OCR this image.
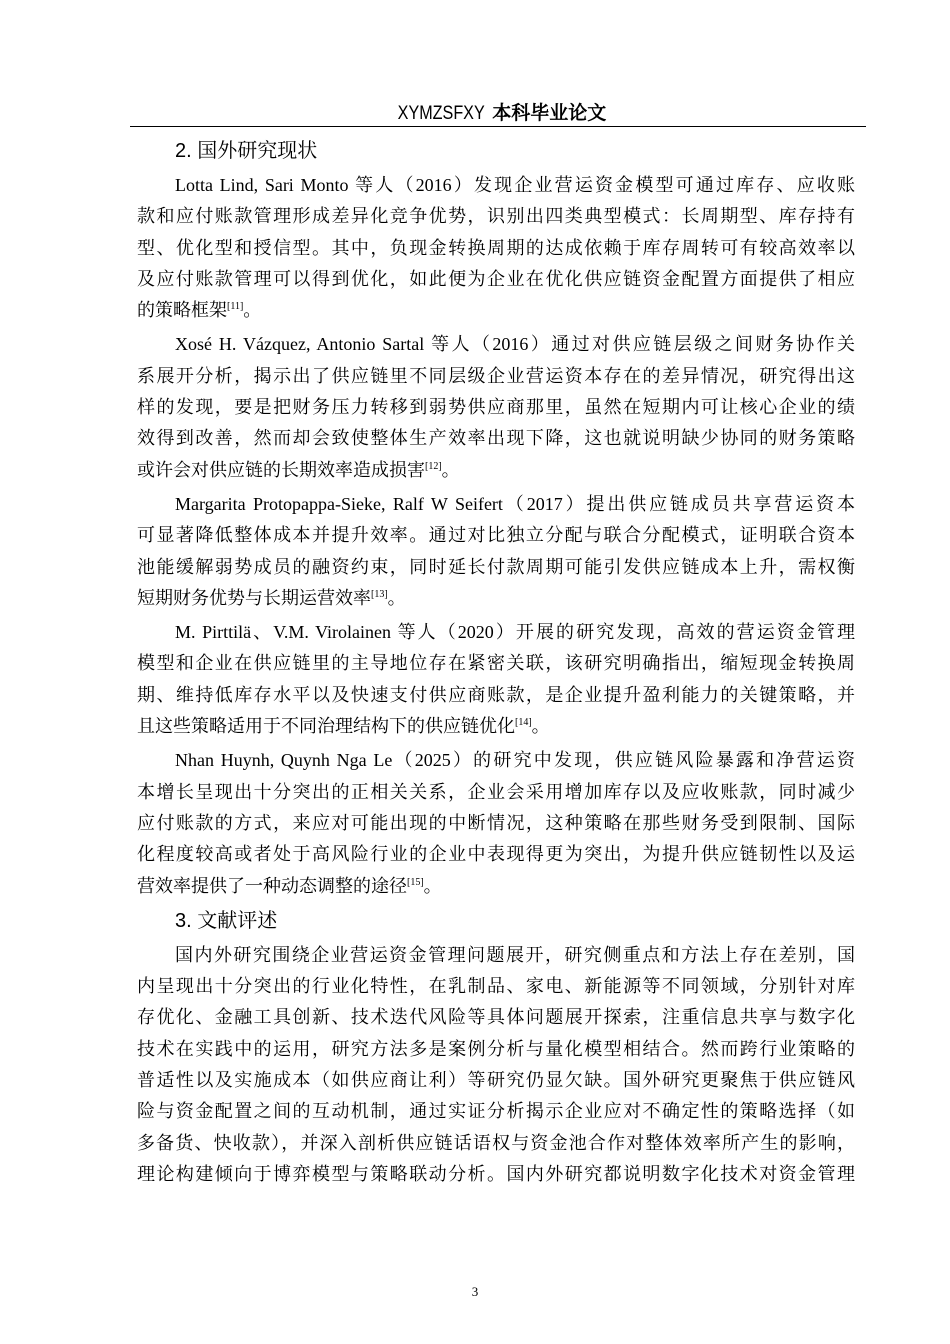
XYMZSFXY 本科毕业论文
2. 国外研究现状
Lotta Lind, Sari Monto 等人（2016）发现企业营运资金模型可通过库存、应收账
款和应付账款管理形成差异化竞争优势，识别出四类典型模式：长周期型、库存持有
型、优化型和授信型。其中，负现金转换周期的达成依赖于库存周转可有较高效率以
及应付账款管理可以得到优化，如此便为企业在优化供应链资金配置方面提供了相应
的策略框架[11]。
Xosé H. Vázquez, Antonio Sartal 等人（2016）通过对供应链层级之间财务协作关
系展开分析，揭示出了供应链里不同层级企业营运资本存在的差异情况，研究得出这
样的发现，要是把财务压力转移到弱势供应商那里，虽然在短期内可让核心企业的绩
效得到改善，然而却会致使整体生产效率出现下降，这也就说明缺少协同的财务策略
或许会对供应链的长期效率造成损害[12]。
Margarita Protopappa-Sieke, Ralf W Seifert（2017）提出供应链成员共享营运资本
可显著降低整体成本并提升效率。通过对比独立分配与联合分配模式，证明联合资本
池能缓解弱势成员的融资约束，同时延长付款周期可能引发供应链成本上升，需权衡
短期财务优势与长期运营效率[13]。
M. Pirttilä、V.M. Virolainen 等人（2020）开展的研究发现，高效的营运资金管理
模型和企业在供应链里的主导地位存在紧密关联，该研究明确指出，缩短现金转换周
期、维持低库存水平以及快速支付供应商账款，是企业提升盈利能力的关键策略，并
且这些策略适用于不同治理结构下的供应链优化[14]。
Nhan Huynh, Quynh Nga Le（2025）的研究中发现，供应链风险暴露和净营运资
本增长呈现出十分突出的正相关关系，企业会采用增加库存以及应收账款，同时减少
应付账款的方式，来应对可能出现的中断情况，这种策略在那些财务受到限制、国际
化程度较高或者处于高风险行业的企业中表现得更为突出，为提升供应链韧性以及运
营效率提供了一种动态调整的途径[15]。
3. 文献评述
国内外研究围绕企业营运资金管理问题展开，研究侧重点和方法上存在差别，国
内呈现出十分突出的行业化特性，在乳制品、家电、新能源等不同领域，分别针对库
存优化、金融工具创新、技术迭代风险等具体问题展开探索，注重信息共享与数字化
技术在实践中的运用，研究方法多是案例分析与量化模型相结合。然而跨行业策略的
普适性以及实施成本（如供应商让利）等研究仍显欠缺。国外研究更聚焦于供应链风
险与资金配置之间的互动机制，通过实证分析揭示企业应对不确定性的策略选择（如
多备货、快收款），并深入剖析供应链话语权与资金池合作对整体效率所产生的影响，
理论构建倾向于博弈模型与策略联动分析。国内外研究都说明数字化技术对资金管理
3
